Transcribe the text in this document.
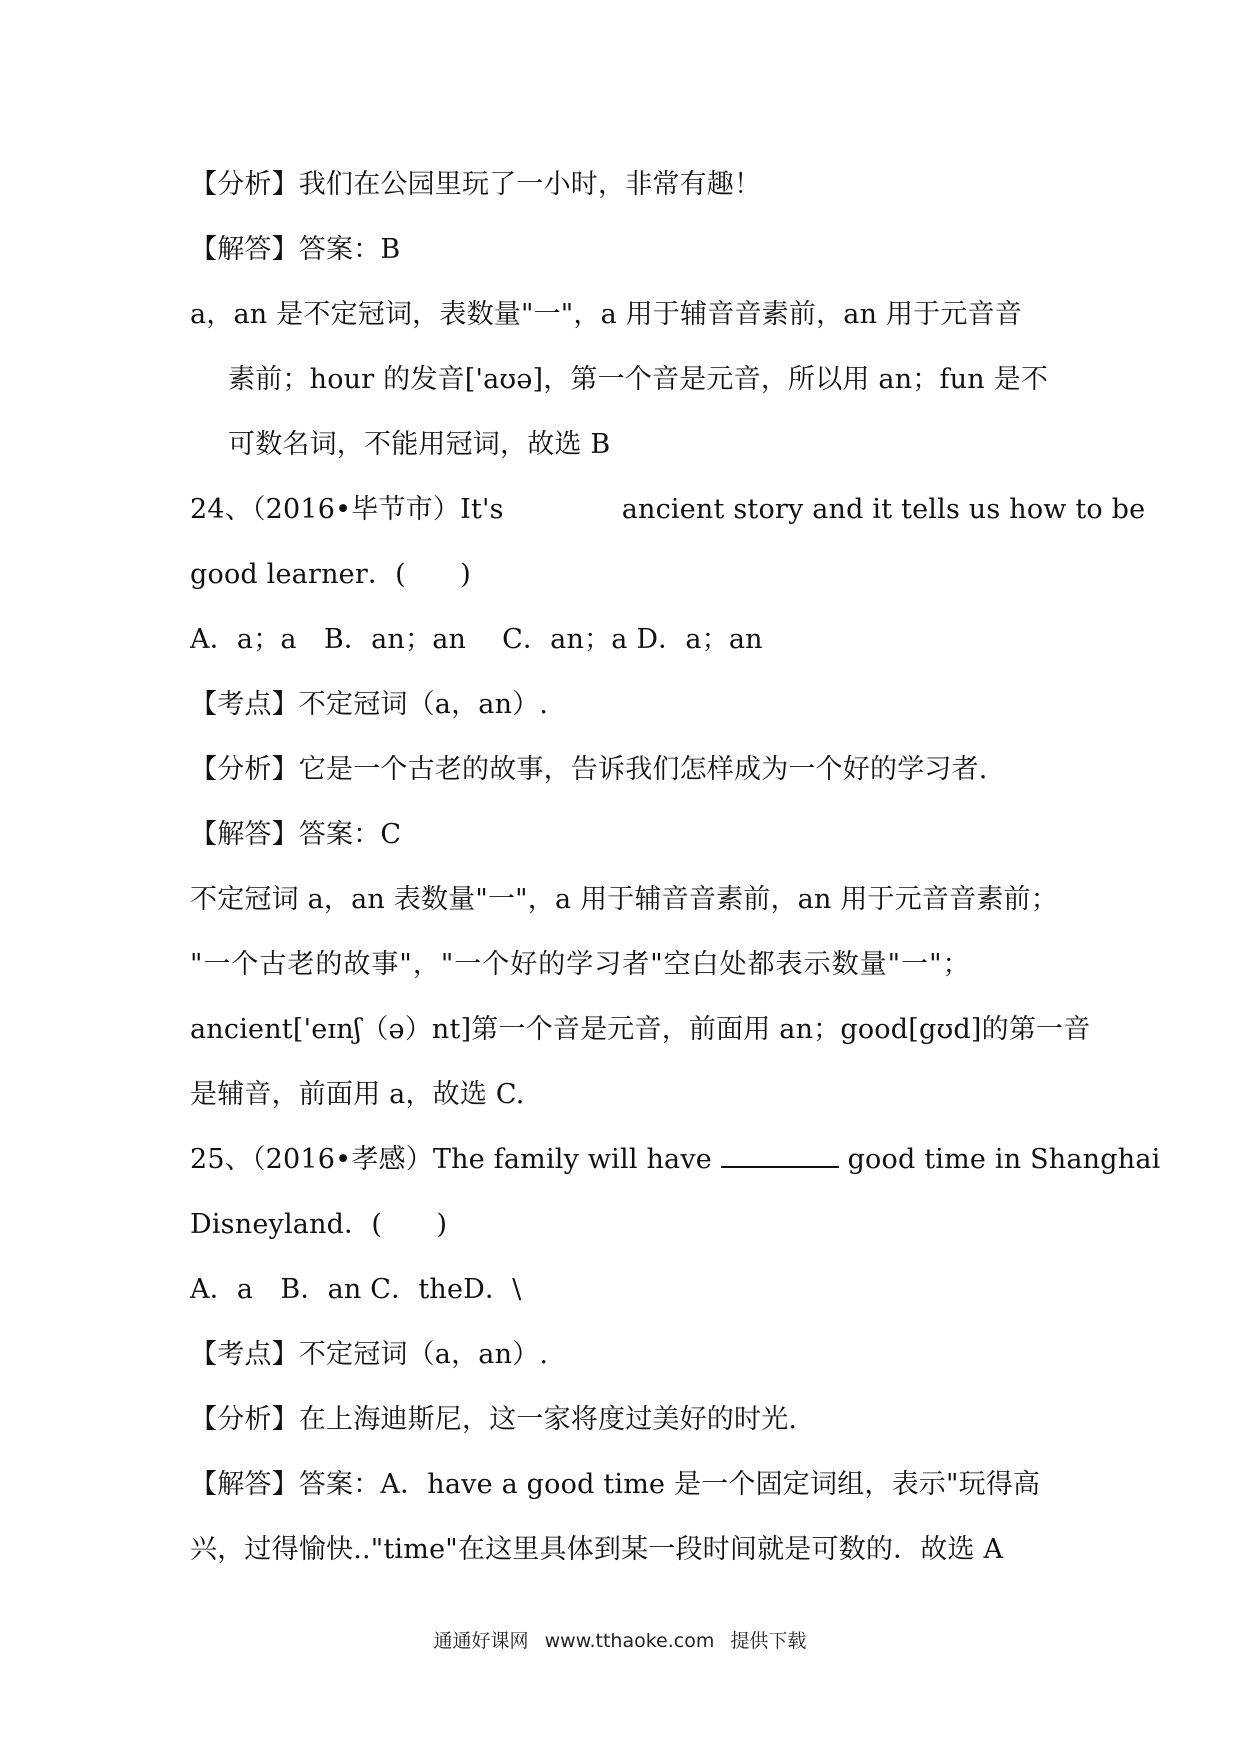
【分析】我们在公园里玩了一小时，非常有趣！
【解答】答案：B
a，an 是不定冠词，表数量"一"，a 用于辅音音素前，an 用于元音音
素前；hour 的发音['aʊə]，第一个音是元音，所以用 an；fun 是不
可数名词，不能用冠词，故选 B
24、（2016•毕节市）It's	ancient story and it tells us how to be
good learner．(　　)
A．a；a　B．an；an　 C．an；a D．a；an
【考点】不定冠词（a，an）.
【分析】它是一个古老的故事，告诉我们怎样成为一个好的学习者.
【解答】答案：C
不定冠词 a，an 表数量"一"，a 用于辅音音素前，an 用于元音音素前；
"一个古老的故事"，"一个好的学习者"空白处都表示数量"一"；
ancient['eɪnʃ（ə）nt]第一个音是元音，前面用 an；good[gʊd]的第一音
是辅音，前面用 a，故选 C.
25、（2016•孝感）The family will have	good time in Shanghai
Disneyland．(　　)
A．a　B．an C．theD．\
【考点】不定冠词（a，an）.
【分析】在上海迪斯尼，这一家将度过美好的时光.
【解答】答案：A．have a good time 是一个固定词组，表示"玩得高
兴，过得愉快.."time"在这里具体到某一段时间就是可数的．故选 A
通通好课网 www.tthaoke.com 提供下载
